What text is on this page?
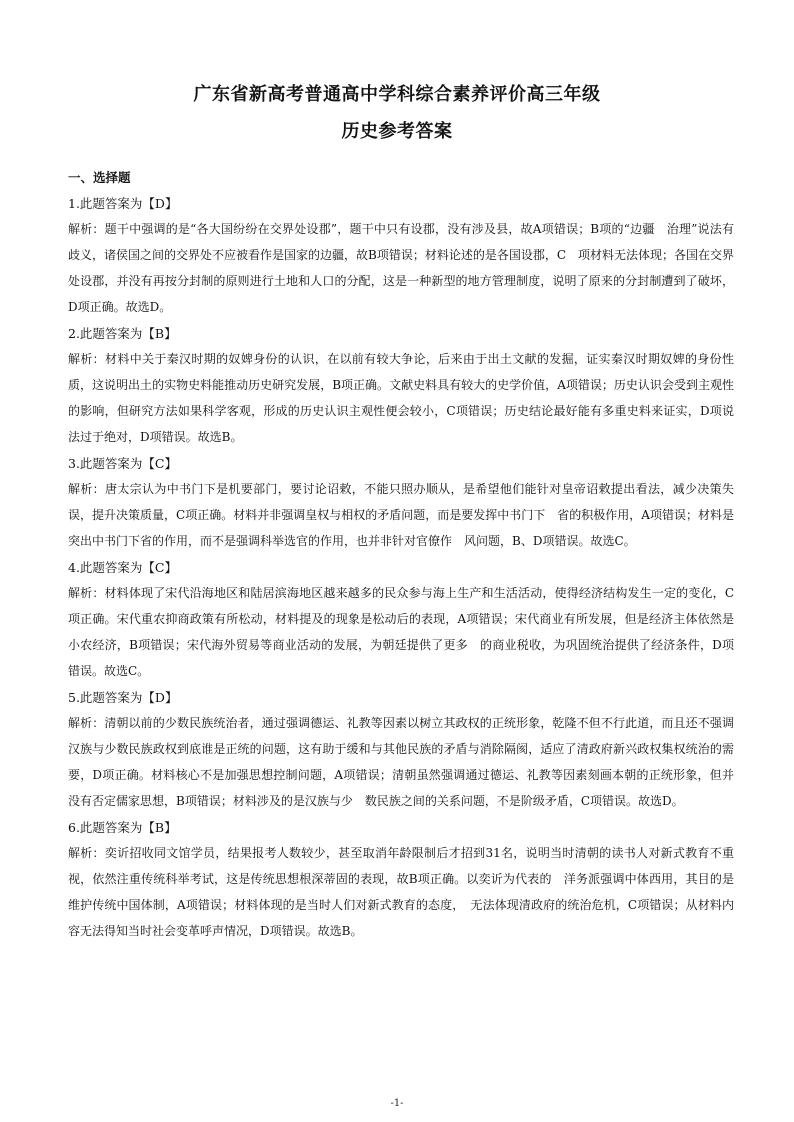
广东省新高考普通高中学科综合素养评价高三年级
历史参考答案
一、选择题
1.此题答案为【D】

解析：题干中强调的是“各大国纷纷在交界处设郡”，题干中只有设郡，没有涉及县，故A项错误；B项的“边疆　治理”说法有歧义，诸侯国之间的交界处不应被看作是国家的边疆，故B项错误；材料论述的是各国设郡，C　项材料无法体现；各国在交界处设郡，并没有再按分封制的原则进行土地和人口的分配，这是一种新型的地方管理制度，说明了原来的分封制遭到了破坏，D项正确。故选D。

2.此题答案为【B】

解析：材料中关于秦汉时期的奴婢身份的认识，在以前有较大争论，后来由于出土文献的发掘，证实秦汉时期奴婢的身份性质，这说明出土的实物史料能推动历史研究发展，B项正确。文献史料具有较大的史学价值，A项错误；历史认识会受到主观性的影响，但研究方法如果科学客观，形成的历史认识主观性便会较小，C项错误；历史结论最好能有多重史料来证实，D项说法过于绝对，D项错误。故选B。

3.此题答案为【C】

解析：唐太宗认为中书门下是机要部门，要讨论诏敕，不能只照办顺从，是希望他们能针对皇帝诏敕提出看法，减少决策失误，提升决策质量，C项正确。材料并非强调皇权与相权的矛盾问题，而是要发挥中书门下　省的积极作用，A项错误；材料是突出中书门下省的作用，而不是强调科举选官的作用，也并非针对官僚作　风问题，B、D项错误。故选C。

4.此题答案为【C】

解析：材料体现了宋代沿海地区和陆居滨海地区越来越多的民众参与海上生产和生活活动，使得经济结构发生一定的变化，C项正确。宋代重农抑商政策有所松动，材料提及的现象是松动后的表现，A项错误；宋代商业有所发展，但是经济主体依然是小农经济，B项错误；宋代海外贸易等商业活动的发展，为朝廷提供了更多　的商业税收，为巩固统治提供了经济条件，D项错误。故选C。

5.此题答案为【D】

解析：清朝以前的少数民族统治者，通过强调德运、礼教等因素以树立其政权的正统形象，乾隆不但不行此道，而且还不强调汉族与少数民族政权到底谁是正统的问题，这有助于缓和与其他民族的矛盾与消除隔阂，适应了清政府新兴政权集权统治的需要，D项正确。材料核心不是加强思想控制问题，A项错误；清朝虽然强调通过德运、礼教等因素刻画本朝的正统形象，但并没有否定儒家思想，B项错误；材料涉及的是汉族与少　数民族之间的关系问题，不是阶级矛盾，C项错误。故选D。

6.此题答案为【B】

解析：奕䜣招收同文馆学员，结果报考人数较少，甚至取消年龄限制后才招到31名，说明当时清朝的读书人对新式教育不重视，依然注重传统科举考试，这是传统思想根深蒂固的表现，故B项正确。以奕䜣为代表的　洋务派强调中体西用，其目的是维护传统中国体制，A项错误；材料体现的是当时人们对新式教育的态度，　无法体现清政府的统治危机，C项错误；从材料内容无法得知当时社会变革呼声情况，D项错误。故选B。

-1-
